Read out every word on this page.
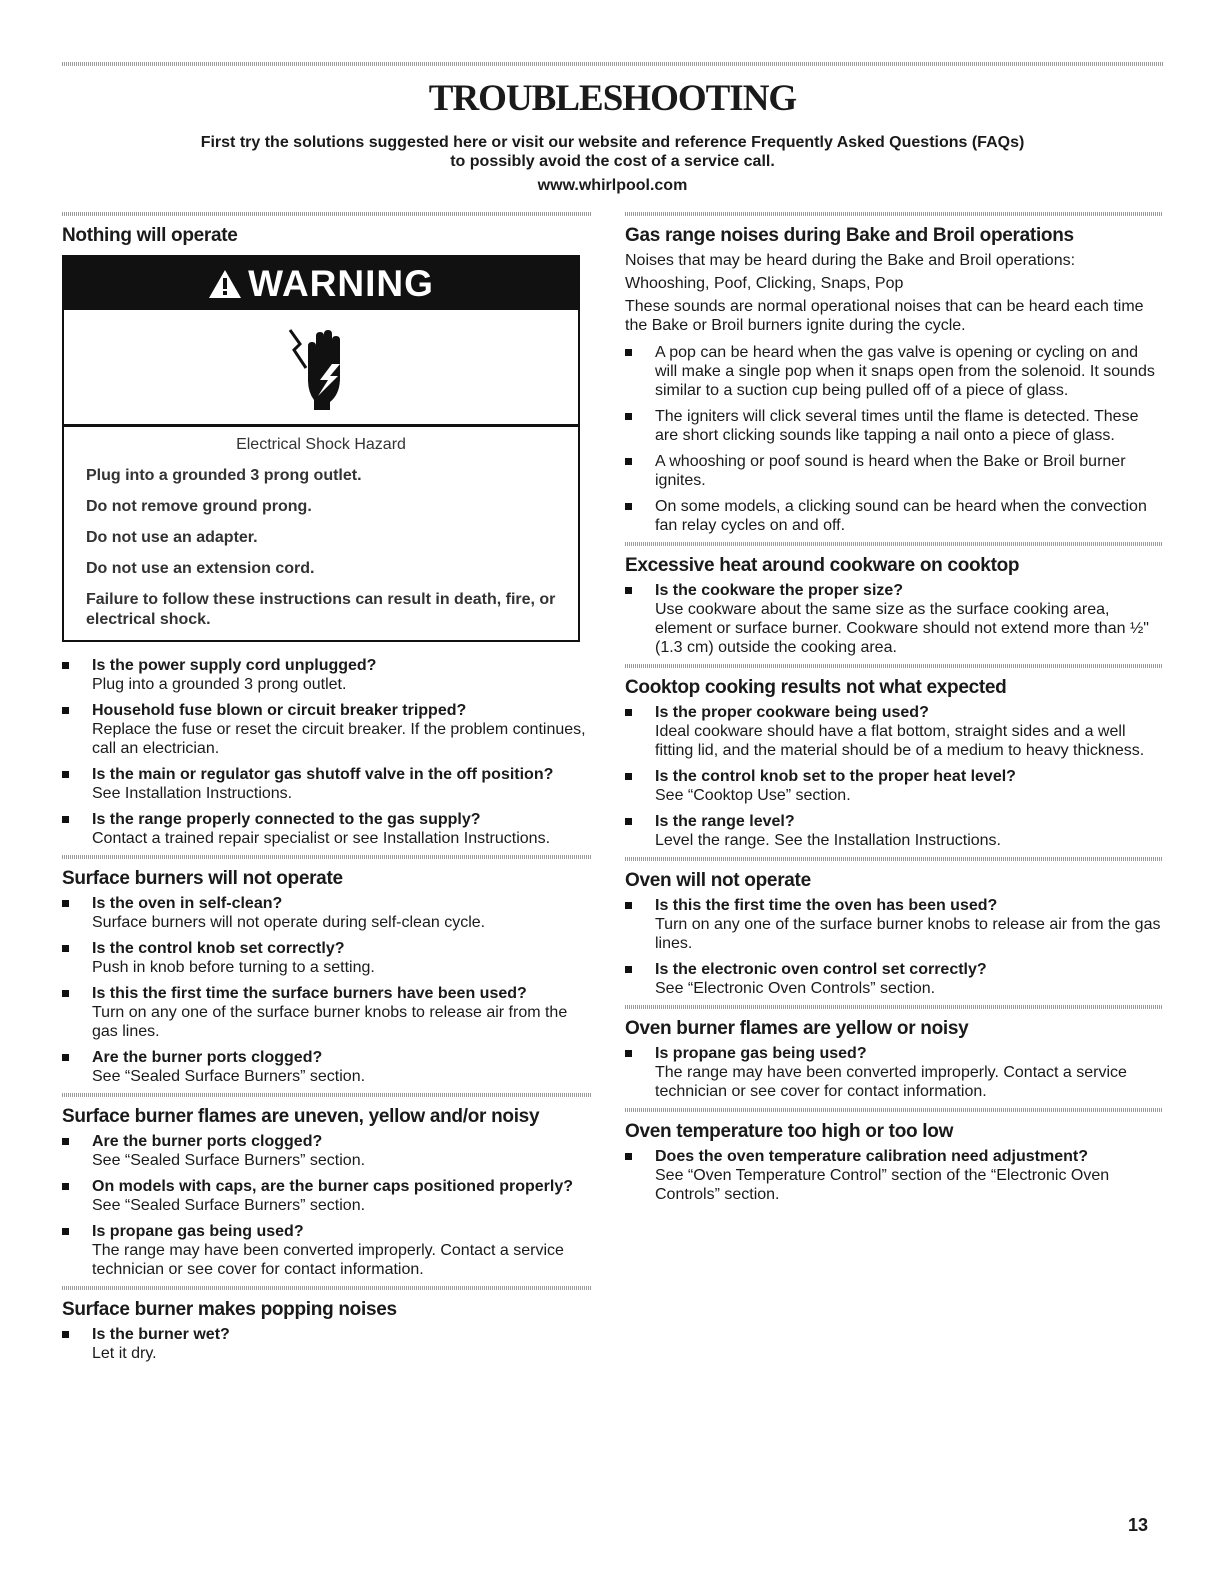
TROUBLESHOOTING
First try the solutions suggested here or visit our website and reference Frequently Asked Questions (FAQs)
to possibly avoid the cost of a service call.
www.whirlpool.com
Nothing will operate
WARNING
Electrical Shock Hazard
Plug into a grounded 3 prong outlet.
Do not remove ground prong.
Do not use an adapter.
Do not use an extension cord.
Failure to follow these instructions can result in death, fire, or electrical shock.
Is the power supply cord unplugged?
Plug into a grounded 3 prong outlet.
Household fuse blown or circuit breaker tripped?
Replace the fuse or reset the circuit breaker. If the problem continues, call an electrician.
Is the main or regulator gas shutoff valve in the off position?
See Installation Instructions.
Is the range properly connected to the gas supply?
Contact a trained repair specialist or see Installation Instructions.
Surface burners will not operate
Is the oven in self-clean?
Surface burners will not operate during self-clean cycle.
Is the control knob set correctly?
Push in knob before turning to a setting.
Is this the first time the surface burners have been used?
Turn on any one of the surface burner knobs to release air from the gas lines.
Are the burner ports clogged?
See “Sealed Surface Burners” section.
Surface burner flames are uneven, yellow and/or noisy
Are the burner ports clogged?
See “Sealed Surface Burners” section.
On models with caps, are the burner caps positioned properly?
See “Sealed Surface Burners” section.
Is propane gas being used?
The range may have been converted improperly. Contact a service technician or see cover for contact information.
Surface burner makes popping noises
Is the burner wet?
Let it dry.
Gas range noises during Bake and Broil operations
Noises that may be heard during the Bake and Broil operations:
Whooshing, Poof, Clicking, Snaps, Pop
These sounds are normal operational noises that can be heard each time the Bake or Broil burners ignite during the cycle.
A pop can be heard when the gas valve is opening or cycling on and will make a single pop when it snaps open from the solenoid. It sounds similar to a suction cup being pulled off of a piece of glass.
The igniters will click several times until the flame is detected. These are short clicking sounds like tapping a nail onto a piece of glass.
A whooshing or poof sound is heard when the Bake or Broil burner ignites.
On some models, a clicking sound can be heard when the convection fan relay cycles on and off.
Excessive heat around cookware on cooktop
Is the cookware the proper size?
Use cookware about the same size as the surface cooking area, element or surface burner. Cookware should not extend more than ½" (1.3 cm) outside the cooking area.
Cooktop cooking results not what expected
Is the proper cookware being used?
Ideal cookware should have a flat bottom, straight sides and a well fitting lid, and the material should be of a medium to heavy thickness.
Is the control knob set to the proper heat level?
See “Cooktop Use” section.
Is the range level?
Level the range. See the Installation Instructions.
Oven will not operate
Is this the first time the oven has been used?
Turn on any one of the surface burner knobs to release air from the gas lines.
Is the electronic oven control set correctly?
See “Electronic Oven Controls” section.
Oven burner flames are yellow or noisy
Is propane gas being used?
The range may have been converted improperly. Contact a service technician or see cover for contact information.
Oven temperature too high or too low
Does the oven temperature calibration need adjustment?
See “Oven Temperature Control” section of the “Electronic Oven Controls” section.
13
